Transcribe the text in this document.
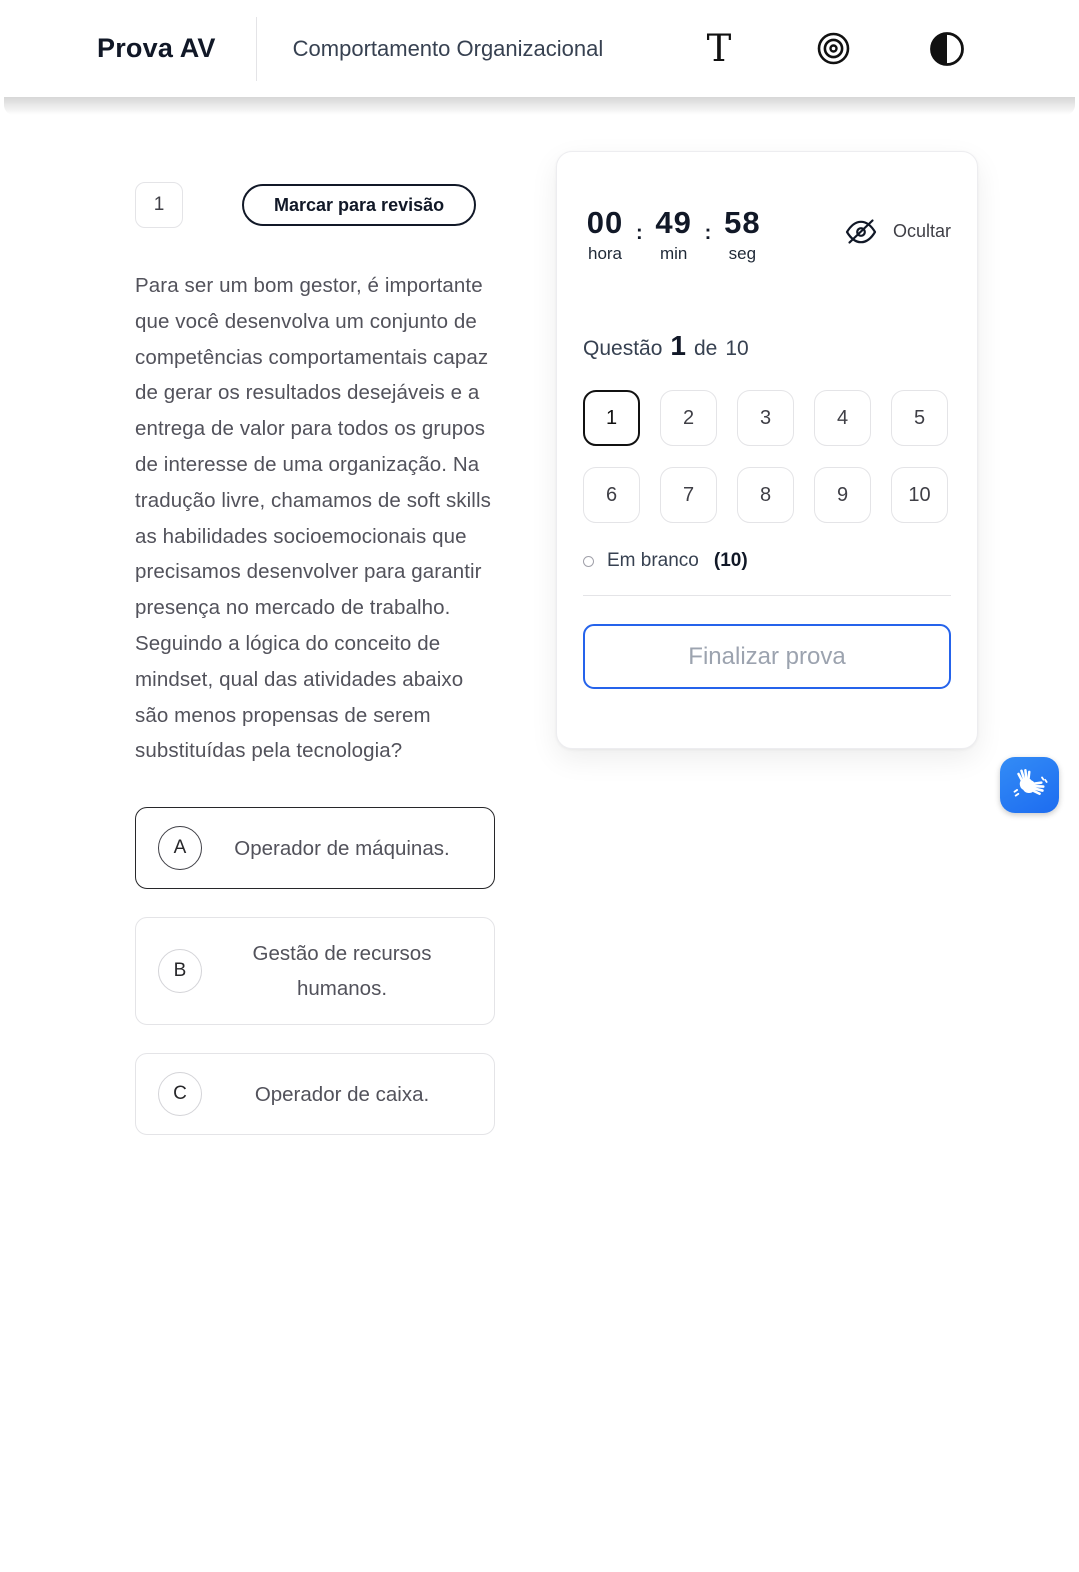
Prova AV	Comportamento Organizacional	T
1	Marcar para revisão

Para ser um bom gestor, é importante que você desenvolva um conjunto de competências comportamentais capaz de gerar os resultados desejáveis e a entrega de valor para todos os grupos de interesse de uma organização. Na tradução livre, chamamos de soft skills as habilidades socioemocionais que precisamos desenvolver para garantir presença no mercado de trabalho. Seguindo a lógica do conceito de mindset, qual das atividades abaixo são menos propensas de serem substituídas pela tecnologia?

A	Operador de máquinas.
B
Gestão de recursos humanos.
C	Operador de caixa.
00
hora
: 49
min
: 58
seg
Ocultar
Questão 1 de 10
1	2	3	4	5
6	7	8	9	10
Em branco (10)
Finalizar prova
